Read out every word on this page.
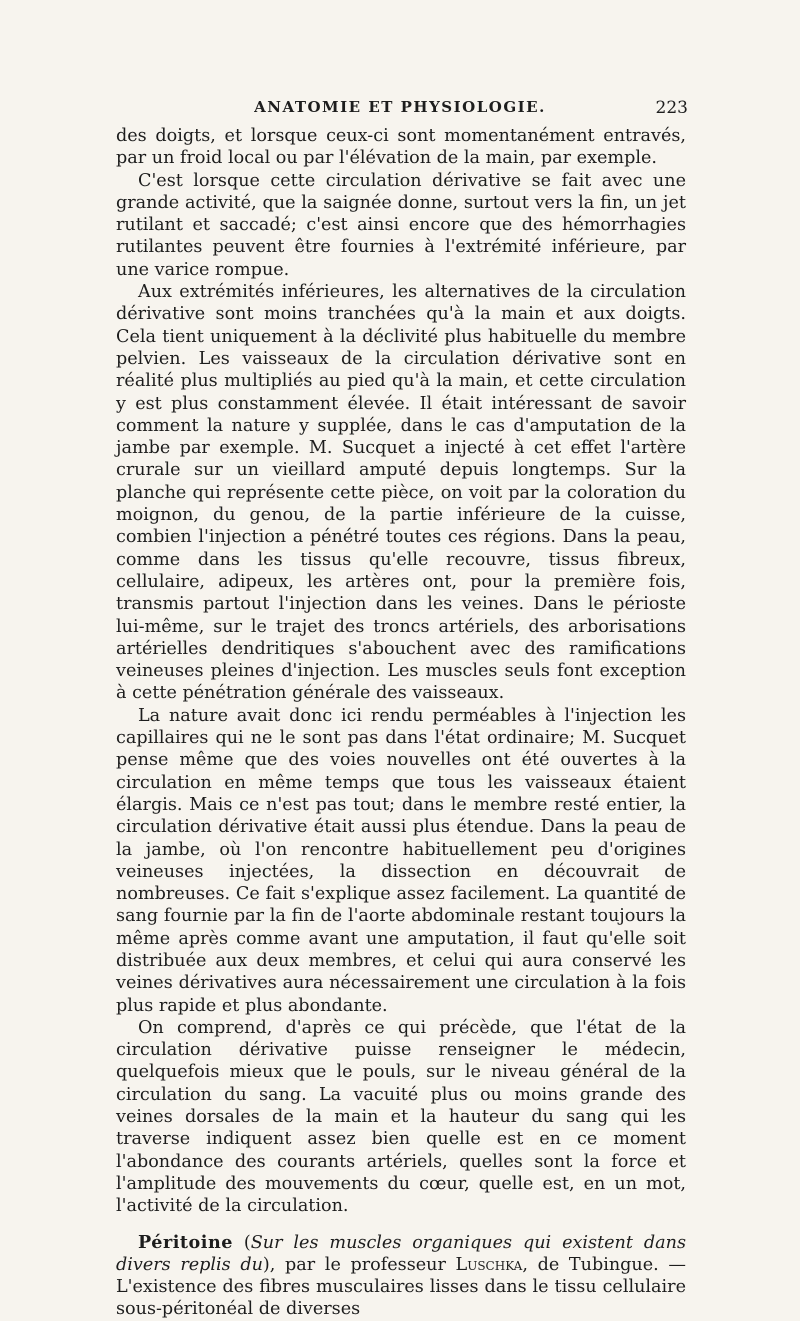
ANATOMIE ET PHYSIOLOGIE.	223

des doigts, et lorsque ceux-ci sont momentanément entravés, par un froid local ou par l'élévation de la main, par exemple.

C'est lorsque cette circulation dérivative se fait avec une grande activité, que la saignée donne, surtout vers la fin, un jet rutilant et saccadé; c'est ainsi encore que des hémorrhagies rutilantes peuvent être fournies à l'extrémité inférieure, par une varice rompue.

Aux extrémités inférieures, les alternatives de la circulation dérivative sont moins tranchées qu'à la main et aux doigts. Cela tient uniquement à la déclivité plus habituelle du membre pelvien. Les vaisseaux de la circulation dérivative sont en réalité plus multipliés au pied qu'à la main, et cette circulation y est plus constamment élevée. Il était intéressant de savoir comment la nature y supplée, dans le cas d'amputation de la jambe par exemple. M. Sucquet a injecté à cet effet l'artère crurale sur un vieillard amputé depuis longtemps. Sur la planche qui représente cette pièce, on voit par la coloration du moignon, du genou, de la partie inférieure de la cuisse, combien l'injection a pénétré toutes ces régions. Dans la peau, comme dans les tissus qu'elle recouvre, tissus fibreux, cellulaire, adipeux, les artères ont, pour la première fois, transmis partout l'injection dans les veines. Dans le périoste lui-même, sur le trajet des troncs artériels, des arborisations artérielles dendritiques s'abouchent avec des ramifications veineuses pleines d'injection. Les muscles seuls font exception à cette pénétration générale des vaisseaux.

La nature avait donc ici rendu perméables à l'injection les capillaires qui ne le sont pas dans l'état ordinaire; M. Sucquet pense même que des voies nouvelles ont été ouvertes à la circulation en même temps que tous les vaisseaux étaient élargis. Mais ce n'est pas tout; dans le membre resté entier, la circulation dérivative était aussi plus étendue. Dans la peau de la jambe, où l'on rencontre habituellement peu d'origines veineuses injectées, la dissection en découvrait de nombreuses. Ce fait s'explique assez facilement. La quantité de sang fournie par la fin de l'aorte abdominale restant toujours la même après comme avant une amputation, il faut qu'elle soit distribuée aux deux membres, et celui qui aura conservé les veines dérivatives aura nécessairement une circulation à la fois plus rapide et plus abondante.

On comprend, d'après ce qui précède, que l'état de la circulation dérivative puisse renseigner le médecin, quelquefois mieux que le pouls, sur le niveau général de la circulation du sang. La vacuité plus ou moins grande des veines dorsales de la main et la hauteur du sang qui les traverse indiquent assez bien quelle est en ce moment l'abondance des courants artériels, quelles sont la force et l'amplitude des mouvements du cœur, quelle est, en un mot, l'activité de la circulation.

Péritoine (Sur les muscles organiques qui existent dans divers replis du), par le professeur Luschka, de Tubingue. — L'existence des fibres musculaires lisses dans le tissu cellulaire sous-péritonéal de diverses
